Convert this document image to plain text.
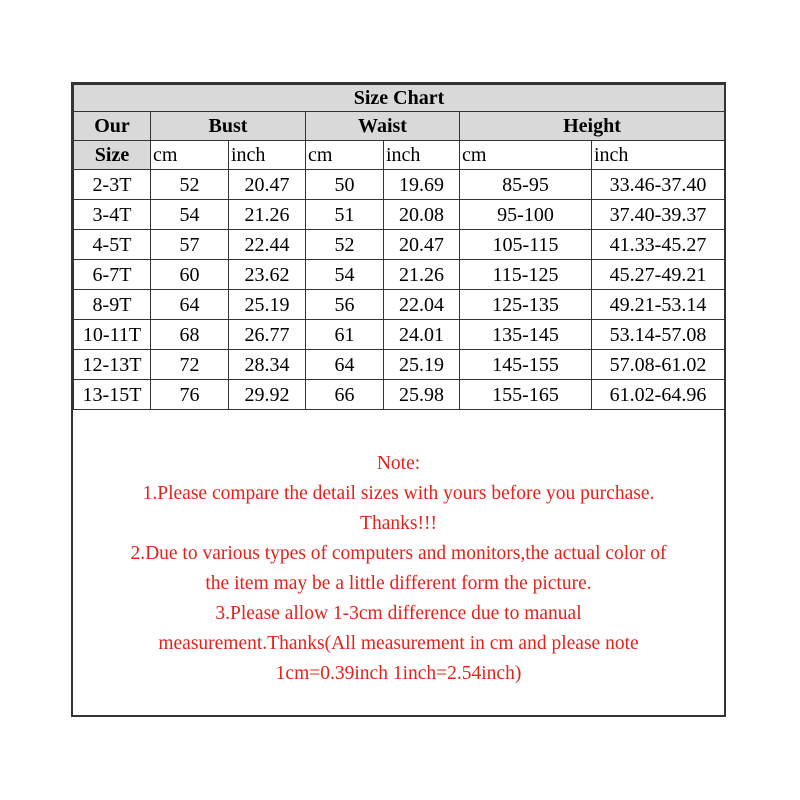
Size Chart						
Our	Bust		Waist		Height	
Size	cm	inch	cm	inch	cm	inch
2-3T	52	20.47	50	19.69	85-95	33.46-37.40
3-4T	54	21.26	51	20.08	95-100	37.40-39.37
4-5T	57	22.44	52	20.47	105-115	41.33-45.27
6-7T	60	23.62	54	21.26	115-125	45.27-49.21
8-9T	64	25.19	56	22.04	125-135	49.21-53.14
10-11T	68	26.77	61	24.01	135-145	53.14-57.08
12-13T	72	28.34	64	25.19	145-155	57.08-61.02
13-15T	76	29.92	66	25.98	155-165	61.02-64.96
Note:
1.Please compare the detail sizes with yours before you purchase.
Thanks!!!
2.Due to various types of computers and monitors,the actual color of
the item may be a little different form the picture.
3.Please allow 1-3cm difference due to manual
measurement.Thanks(All measurement in cm and please note
1cm=0.39inch 1inch=2.54inch)
